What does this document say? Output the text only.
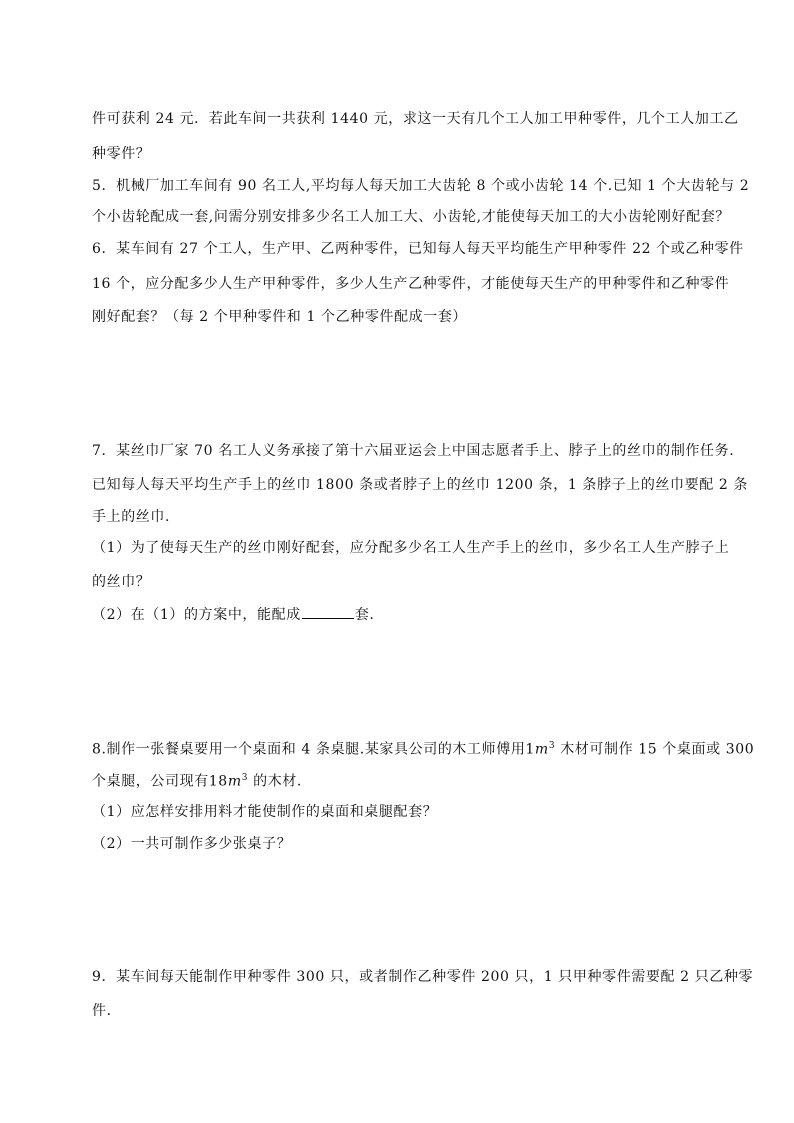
件可获利 24 元．若此车间一共获利 1440 元，求这一天有几个工人加工甲种零件，几个工人加工乙
种零件？
5．机械厂加工车间有 90 名工人,平均每人每天加工大齿轮 8 个或小齿轮 14 个.已知 1 个大齿轮与 2
个小齿轮配成一套,问需分别安排多少名工人加工大、小齿轮,才能使每天加工的大小齿轮刚好配套？
6．某车间有 27 个工人，生产甲、乙两种零件，已知每人每天平均能生产甲种零件 22 个或乙种零件
16 个，应分配多少人生产甲种零件，多少人生产乙种零件，才能使每天生产的甲种零件和乙种零件
刚好配套？（每 2 个甲种零件和 1 个乙种零件配成一套）
7．某丝巾厂家 70 名工人义务承接了第十六届亚运会上中国志愿者手上、脖子上的丝巾的制作任务.
已知每人每天平均生产手上的丝巾 1800 条或者脖子上的丝巾 1200 条，1 条脖子上的丝巾要配 2 条
手上的丝巾.
（1）为了使每天生产的丝巾刚好配套，应分配多少名工人生产手上的丝巾，多少名工人生产脖子上
的丝巾？
（2）在（1）的方案中，能配成	套.
8.制作一张餐桌要用一个桌面和 4 条桌腿.某家具公司的木工师傅用$1m^3$ 木材可制作 15 个桌面或 300
个桌腿，公司现有$18m^3$ 的木材.
（1）应怎样安排用料才能使制作的桌面和桌腿配套？
（2）一共可制作多少张桌子？
9．某车间每天能制作甲种零件 300 只，或者制作乙种零件 200 只，1 只甲种零件需要配 2 只乙种零
件．
